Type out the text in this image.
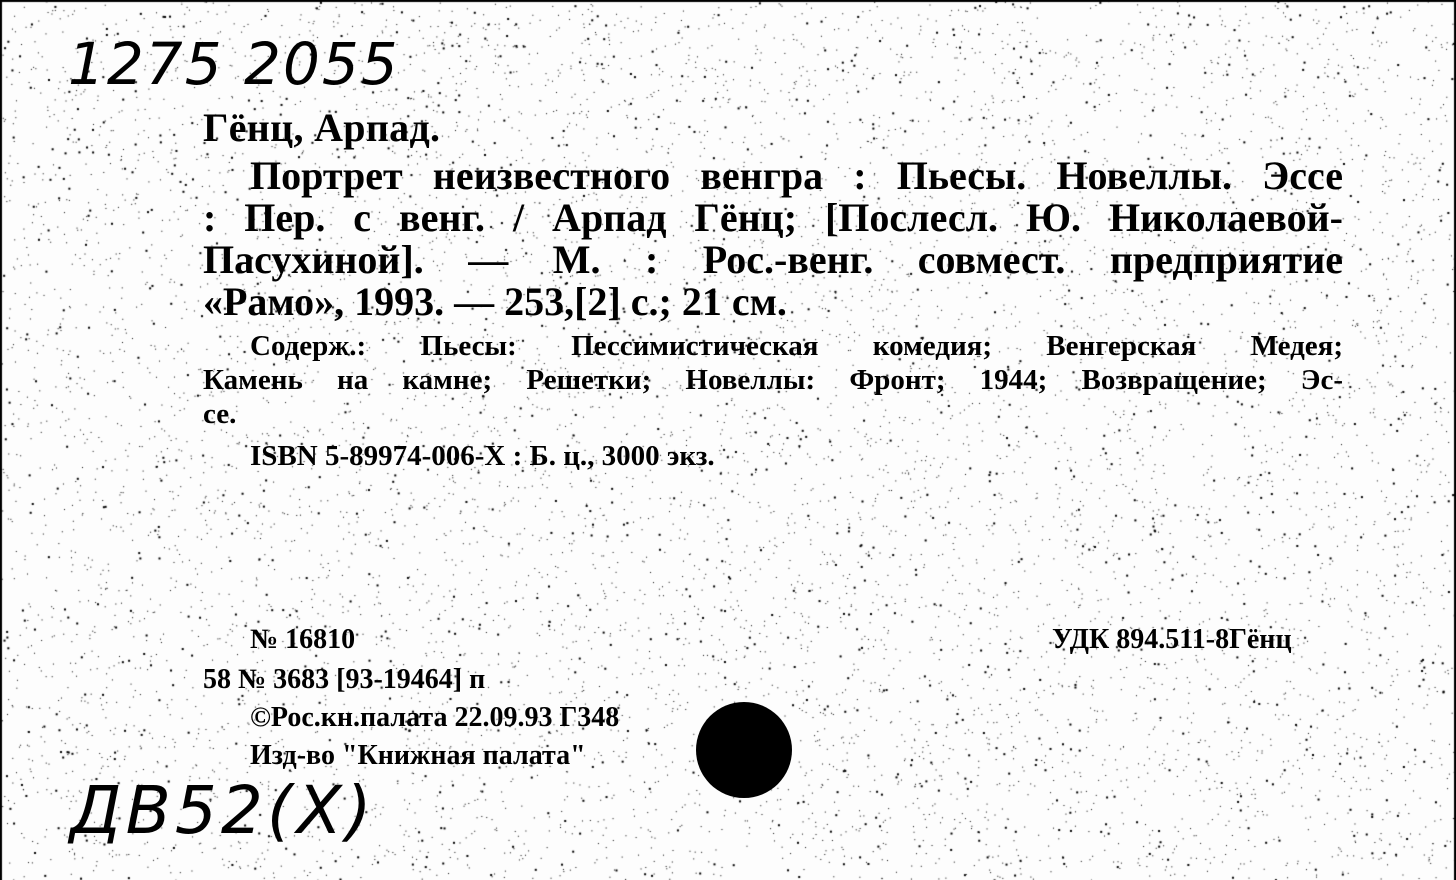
1275 2055
Гёнц, Арпад.
Портрет неизвестного венгра : Пьесы. Новеллы. Эссе
: Пер. с венг. / Арпад Гёнц; [Послесл. Ю. Николаевой-
Пасухиной]. — М. : Рос.-венг. совмест. предприятие
«Рамо», 1993. — 253,[2] с.; 21 см.
Содерж.: Пьесы: Пессимистическая комедия; Венгерская Медея;
Камень на камне; Решетки; Новеллы: Фронт; 1944; Возвращение; Эс-
се.
ISBN 5-89974-006-X : Б. ц., 3000 экз.
№ 16810	УДК 894.511-8Гёнц
58 № 3683 [93-19464] п
©Рос.кн.палата 22.09.93 Г348
Изд-во "Книжная палата"
ДВ52(Х)
